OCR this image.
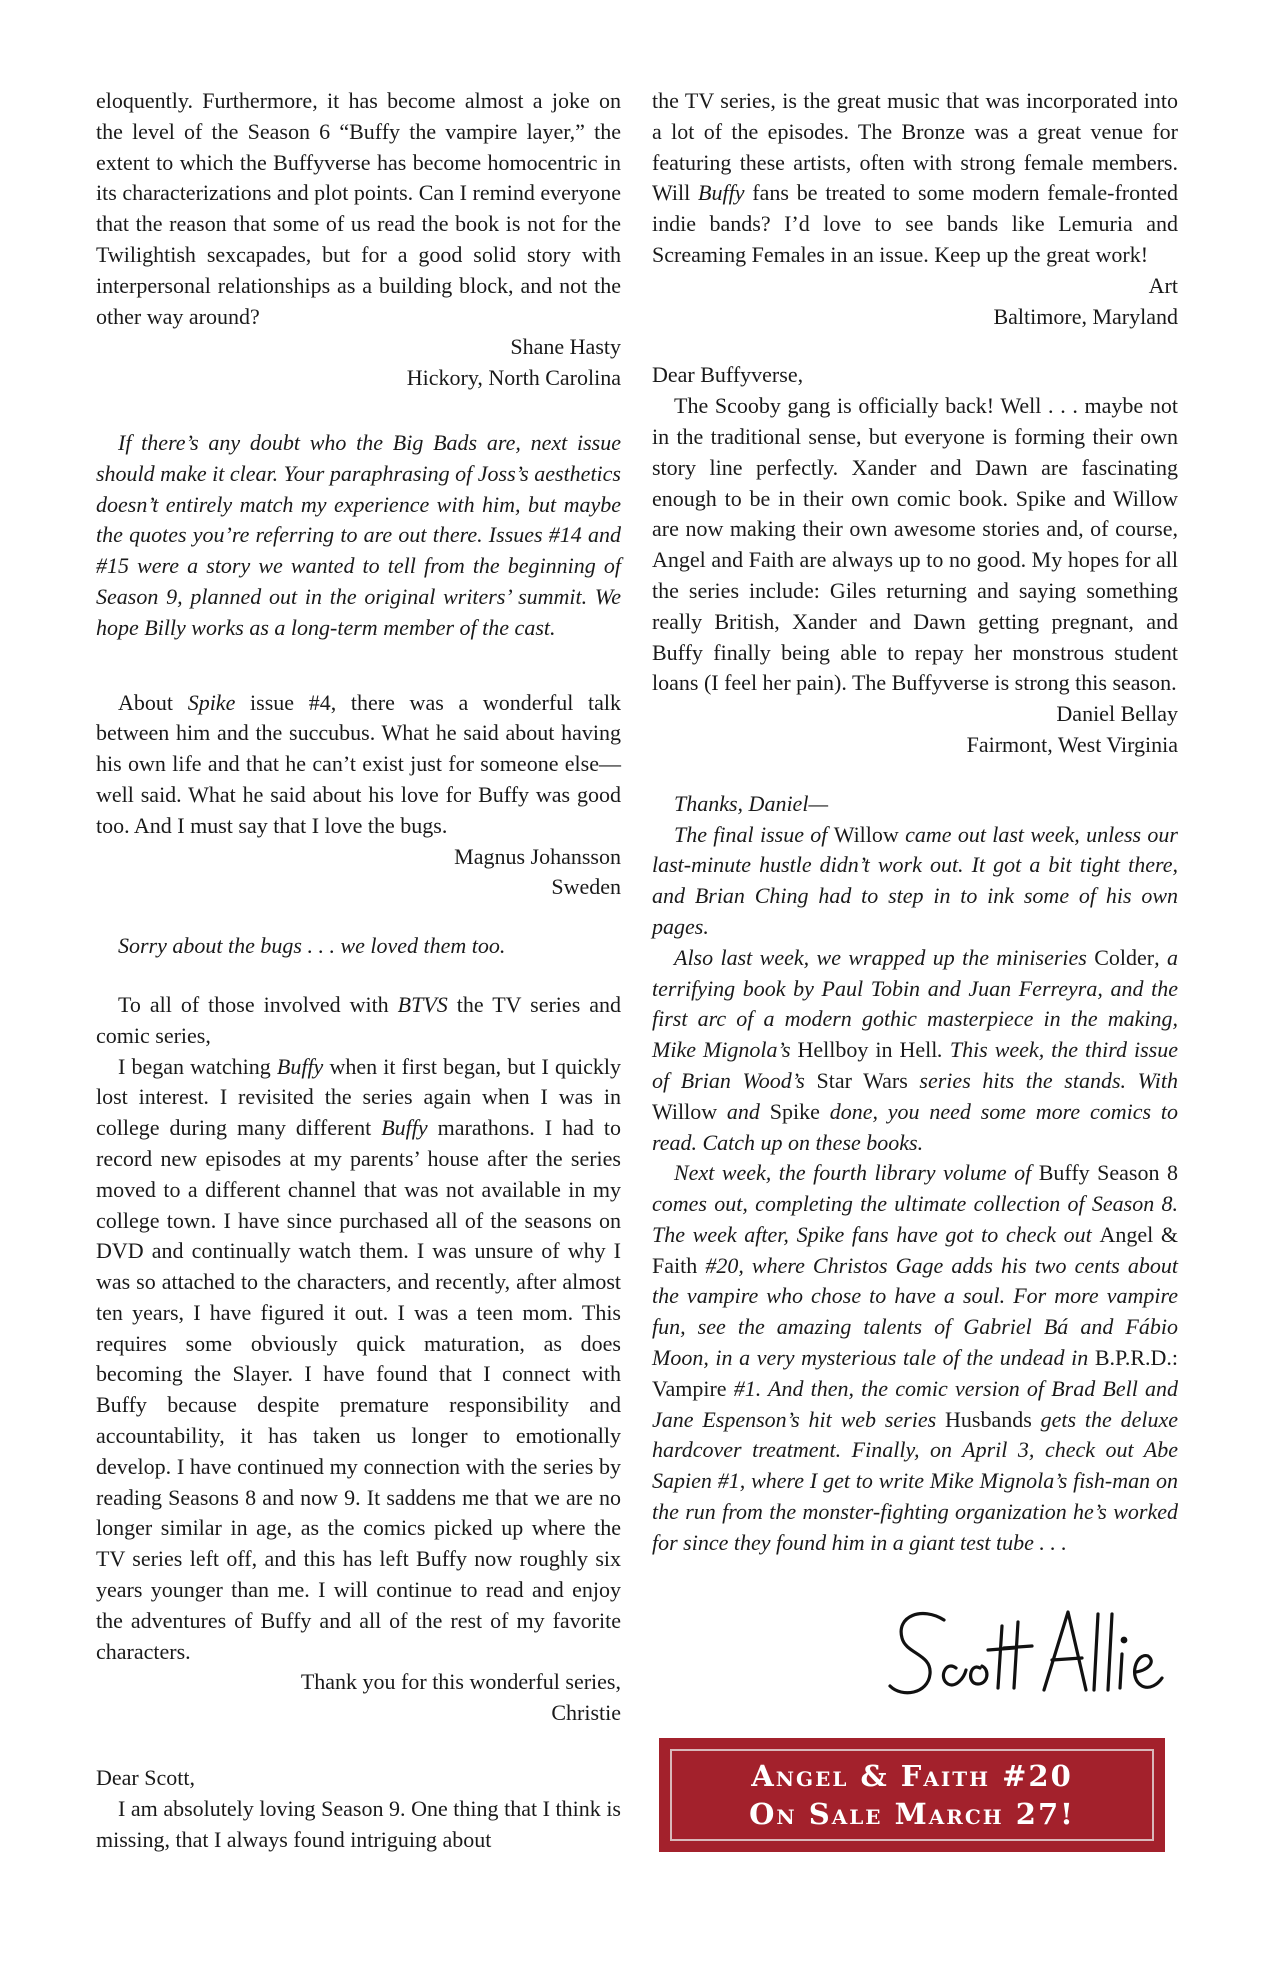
eloquently. Furthermore, it has become almost a joke on the level of the Season 6 “Buffy the vampire layer,” the extent to which the Buffyverse has become homocentric in its characterizations and plot points. Can I remind everyone that the reason that some of us read the book is not for the Twilightish sexcapades, but for a good solid story with interpersonal relationships as a building block, and not the other way around?

Shane Hasty

Hickory, North Carolina

If there’s any doubt who the Big Bads are, next issue should make it clear. Your paraphrasing of Joss’s aesthetics doesn’t entirely match my experience with him, but maybe the quotes you’re referring to are out there. Issues #14 and #15 were a story we wanted to tell from the beginning of Season 9, planned out in the original writers’ summit. We hope Billy works as a long-term member of the cast.

About Spike issue #4, there was a wonderful talk between him and the succubus. What he said about having his own life and that he can’t exist just for someone else—well said. What he said about his love for Buffy was good too. And I must say that I love the bugs.

Magnus Johansson

Sweden

Sorry about the bugs . . . we loved them too.

To all of those involved with BTVS the TV series and comic series,

I began watching Buffy when it first began, but I quickly lost interest. I revisited the series again when I was in college during many different Buffy marathons. I had to record new episodes at my parents’ house after the series moved to a different channel that was not available in my college town. I have since purchased all of the seasons on DVD and continually watch them. I was unsure of why I was so attached to the characters, and recently, after almost ten years, I have figured it out. I was a teen mom. This requires some obviously quick maturation, as does becoming the Slayer. I have found that I connect with Buffy because despite premature responsibility and accountability, it has taken us longer to emotionally develop. I have continued my connection with the series by reading Seasons 8 and now 9. It saddens me that we are no longer similar in age, as the comics picked up where the TV series left off, and this has left Buffy now roughly six years younger than me. I will continue to read and enjoy the adventures of Buffy and all of the rest of my favorite characters.

Thank you for this wonderful series,

Christie

Dear Scott,

I am absolutely loving Season 9. One thing that I think is missing, that I always found intriguing about

the TV series, is the great music that was incorporated into a lot of the episodes. The Bronze was a great venue for featuring these artists, often with strong female members. Will Buffy fans be treated to some modern female-fronted indie bands? I’d love to see bands like Lemuria and Screaming Females in an issue. Keep up the great work!

Art

Baltimore, Maryland

Dear Buffyverse,

The Scooby gang is officially back! Well . . . maybe not in the traditional sense, but everyone is forming their own story line perfectly. Xander and Dawn are fascinating enough to be in their own comic book. Spike and Willow are now making their own awesome stories and, of course, Angel and Faith are always up to no good. My hopes for all the series include: Giles returning and saying something really British, Xander and Dawn getting pregnant, and Buffy finally being able to repay her monstrous student loans (I feel her pain). The Buffyverse is strong this season.

Daniel Bellay

Fairmont, West Virginia

Thanks, Daniel—

The final issue of Willow came out last week, unless our last-minute hustle didn’t work out. It got a bit tight there, and Brian Ching had to step in to ink some of his own pages.

Also last week, we wrapped up the miniseries Colder, a terrifying book by Paul Tobin and Juan Ferreyra, and the first arc of a modern gothic masterpiece in the making, Mike Mignola’s Hellboy in Hell. This week, the third issue of Brian Wood’s Star Wars series hits the stands. With Willow and Spike done, you need some more comics to read. Catch up on these books.

Next week, the fourth library volume of Buffy Season 8 comes out, completing the ultimate collection of Season 8. The week after, Spike fans have got to check out Angel & Faith #20, where Christos Gage adds his two cents about the vampire who chose to have a soul. For more vampire fun, see the amazing talents of Gabriel Bá and Fábio Moon, in a very mysterious tale of the undead in B.P.R.D.: Vampire #1. And then, the comic version of Brad Bell and Jane Espenson’s hit web series Husbands gets the deluxe hardcover treatment. Finally, on April 3, check out Abe Sapien #1, where I get to write Mike Mignola’s fish-man on the run from the monster-fighting organization he’s worked for since they found him in a giant test tube . . .

Angel & Faith #20
On Sale March 27!
